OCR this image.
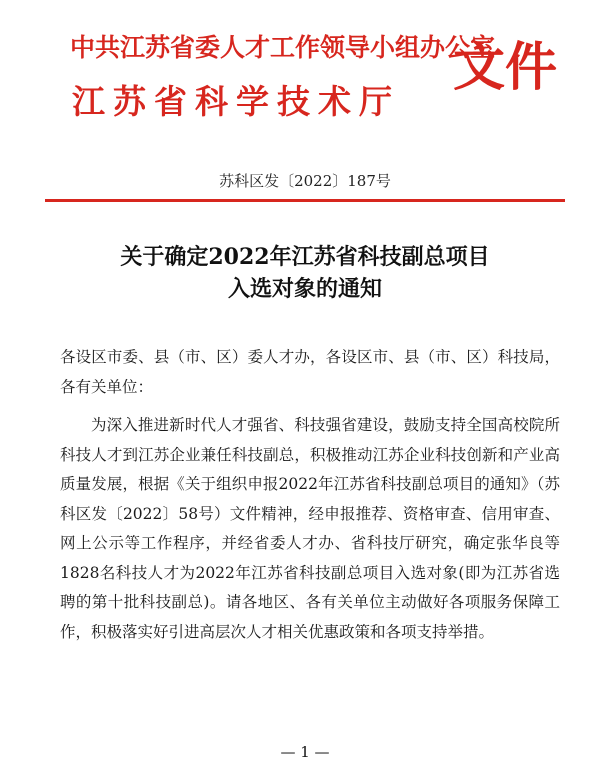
中共江苏省委人才工作领导小组办公室
江苏省科学技术厅
文件
苏科区发〔2022〕187号
关于确定2022年江苏省科技副总项目
入选对象的通知
各设区市委、县（市、区）委人才办，各设区市、县（市、区）科技局，各有关单位：
为深入推进新时代人才强省、科技强省建设，鼓励支持全国高校院所科技人才到江苏企业兼任科技副总，积极推动江苏企业科技创新和产业高质量发展，根据《关于组织申报2022年江苏省科技副总项目的通知》（苏科区发〔2022〕58号）文件精神，经申报推荐、资格审查、信用审查、网上公示等工作程序，并经省委人才办、省科技厅研究，确定张华良等1828名科技人才为2022年江苏省科技副总项目入选对象(即为江苏省选聘的第十批科技副总)。请各地区、各有关单位主动做好各项服务保障工作，积极落实好引进高层次人才相关优惠政策和各项支持举措。
— 1 —
